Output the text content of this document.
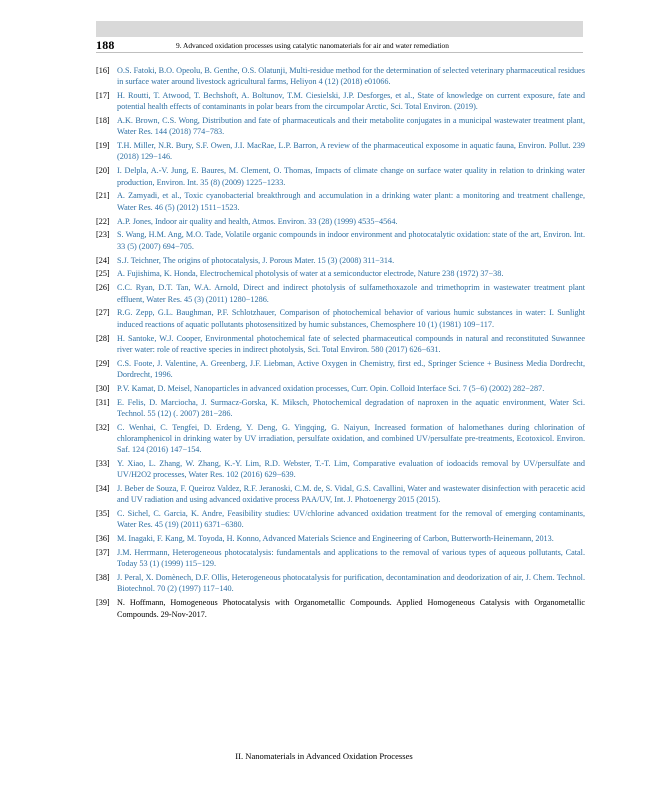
188	9. Advanced oxidation processes using catalytic nanomaterials for air and water remediation
[16] O.S. Fatoki, B.O. Opeolu, B. Genthe, O.S. Olatunji, Multi-residue method for the determination of selected veterinary pharmaceutical residues in surface water around livestock agricultural farms, Heliyon 4 (12) (2018) e01066.
[17] H. Routti, T. Atwood, T. Bechshoft, A. Boltunov, T.M. Ciesielski, J.P. Desforges, et al., State of knowledge on current exposure, fate and potential health effects of contaminants in polar bears from the circumpolar Arctic, Sci. Total Environ. (2019).
[18] A.K. Brown, C.S. Wong, Distribution and fate of pharmaceuticals and their metabolite conjugates in a municipal wastewater treatment plant, Water Res. 144 (2018) 774−783.
[19] T.H. Miller, N.R. Bury, S.F. Owen, J.I. MacRae, L.P. Barron, A review of the pharmaceutical exposome in aquatic fauna, Environ. Pollut. 239 (2018) 129−146.
[20] I. Delpla, A.-V. Jung, E. Baures, M. Clement, O. Thomas, Impacts of climate change on surface water quality in relation to drinking water production, Environ. Int. 35 (8) (2009) 1225−1233.
[21] A. Zamyadi, et al., Toxic cyanobacterial breakthrough and accumulation in a drinking water plant: a monitoring and treatment challenge, Water Res. 46 (5) (2012) 1511−1523.
[22] A.P. Jones, Indoor air quality and health, Atmos. Environ. 33 (28) (1999) 4535−4564.
[23] S. Wang, H.M. Ang, M.O. Tade, Volatile organic compounds in indoor environment and photocatalytic oxidation: state of the art, Environ. Int. 33 (5) (2007) 694−705.
[24] S.J. Teichner, The origins of photocatalysis, J. Porous Mater. 15 (3) (2008) 311−314.
[25] A. Fujishima, K. Honda, Electrochemical photolysis of water at a semiconductor electrode, Nature 238 (1972) 37−38.
[26] C.C. Ryan, D.T. Tan, W.A. Arnold, Direct and indirect photolysis of sulfamethoxazole and trimethoprim in wastewater treatment plant effluent, Water Res. 45 (3) (2011) 1280−1286.
[27] R.G. Zepp, G.L. Baughman, P.F. Schlotzhauer, Comparison of photochemical behavior of various humic substances in water: I. Sunlight induced reactions of aquatic pollutants photosensitized by humic substances, Chemosphere 10 (1) (1981) 109−117.
[28] H. Santoke, W.J. Cooper, Environmental photochemical fate of selected pharmaceutical compounds in natural and reconstituted Suwannee river water: role of reactive species in indirect photolysis, Sci. Total Environ. 580 (2017) 626−631.
[29] C.S. Foote, J. Valentine, A. Greenberg, J.F. Liebman, Active Oxygen in Chemistry, first ed., Springer Science + Business Media Dordrecht, Dordrecht, 1996.
[30] P.V. Kamat, D. Meisel, Nanoparticles in advanced oxidation processes, Curr. Opin. Colloid Interface Sci. 7 (5−6) (2002) 282−287.
[31] E. Felis, D. Marciocha, J. Surmacz-Gorska, K. Miksch, Photochemical degradation of naproxen in the aquatic environment, Water Sci. Technol. 55 (12) (. 2007) 281−286.
[32] C. Wenhai, C. Tengfei, D. Erdeng, Y. Deng, G. Yingqing, G. Naiyun, Increased formation of halomethanes during chlorination of chloramphenicol in drinking water by UV irradiation, persulfate oxidation, and combined UV/persulfate pre-treatments, Ecotoxicol. Environ. Saf. 124 (2016) 147−154.
[33] Y. Xiao, L. Zhang, W. Zhang, K.-Y. Lim, R.D. Webster, T.-T. Lim, Comparative evaluation of iodoacids removal by UV/persulfate and UV/H2O2 processes, Water Res. 102 (2016) 629−639.
[34] J. Beber de Souza, F. Queiroz Valdez, R.F. Jeranoski, C.M. de, S. Vidal, G.S. Cavallini, Water and wastewater disinfection with peracetic acid and UV radiation and using advanced oxidative process PAA/UV, Int. J. Photoenergy 2015 (2015).
[35] C. Sichel, C. Garcia, K. Andre, Feasibility studies: UV/chlorine advanced oxidation treatment for the removal of emerging contaminants, Water Res. 45 (19) (2011) 6371−6380.
[36] M. Inagaki, F. Kang, M. Toyoda, H. Konno, Advanced Materials Science and Engineering of Carbon, Butterworth-Heinemann, 2013.
[37] J.M. Herrmann, Heterogeneous photocatalysis: fundamentals and applications to the removal of various types of aqueous pollutants, Catal. Today 53 (1) (1999) 115−129.
[38] J. Peral, X. Domènech, D.F. Ollis, Heterogeneous photocatalysis for purification, decontamination and deodorization of air, J. Chem. Technol. Biotechnol. 70 (2) (1997) 117−140.
[39] N. Hoffmann, Homogeneous Photocatalysis with Organometallic Compounds. Applied Homogeneous Catalysis with Organometallic Compounds. 29-Nov-2017.
II. Nanomaterials in Advanced Oxidation Processes
